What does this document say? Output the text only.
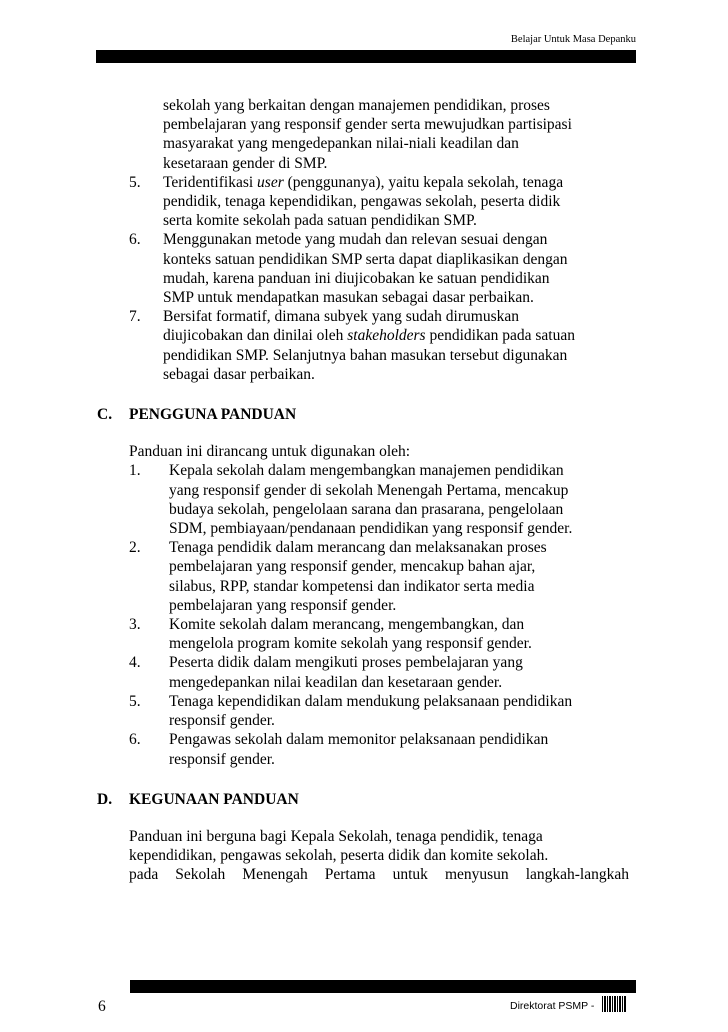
Belajar Untuk Masa Depanku

sekolah yang berkaitan dengan manajemen pendidikan, proses

pembelajaran yang responsif gender serta mewujudkan partisipasi

masyarakat yang mengedepankan nilai-niali keadilan dan

kesetaraan gender di SMP.

5.	Teridentifikasi user (penggunanya), yaitu kepala sekolah, tenaga

pendidik, tenaga kependidikan, pengawas sekolah, peserta didik

serta komite sekolah pada satuan pendidikan SMP.

6.	Menggunakan metode yang mudah dan relevan sesuai dengan

konteks satuan pendidikan SMP serta dapat diaplikasikan dengan

mudah, karena panduan ini diujicobakan ke satuan pendidikan

SMP untuk mendapatkan masukan sebagai dasar perbaikan.

7.	Bersifat formatif, dimana subyek yang sudah dirumuskan

diujicobakan dan dinilai oleh stakeholders pendidikan pada satuan

pendidikan SMP. Selanjutnya bahan masukan tersebut digunakan

sebagai dasar perbaikan.

C.	PENGGUNA PANDUAN

Panduan ini dirancang untuk digunakan oleh:

1.	Kepala sekolah dalam mengembangkan manajemen pendidikan

yang responsif gender di sekolah Menengah Pertama, mencakup

budaya sekolah, pengelolaan sarana dan prasarana, pengelolaan

SDM, pembiayaan/pendanaan pendidikan yang responsif gender.

2.	Tenaga pendidik dalam merancang dan melaksanakan proses

pembelajaran yang responsif gender, mencakup bahan ajar,

silabus, RPP, standar kompetensi dan indikator serta media

pembelajaran yang responsif gender.

3.	Komite sekolah dalam merancang, mengembangkan, dan

mengelola program komite sekolah yang responsif gender.

4.	Peserta didik dalam mengikuti proses pembelajaran yang

mengedepankan nilai keadilan dan kesetaraan gender.

5.	Tenaga kependidikan dalam mendukung pelaksanaan pendidikan

responsif gender.

6.	Pengawas sekolah dalam memonitor pelaksanaan pendidikan

responsif gender.

D.	KEGUNAAN PANDUAN

Panduan ini berguna bagi Kepala Sekolah, tenaga pendidik, tenaga

kependidikan, pengawas sekolah, peserta didik dan komite sekolah.

pada Sekolah Menengah Pertama untuk menyusun langkah-langkah

6	Direktorat PSMP -
